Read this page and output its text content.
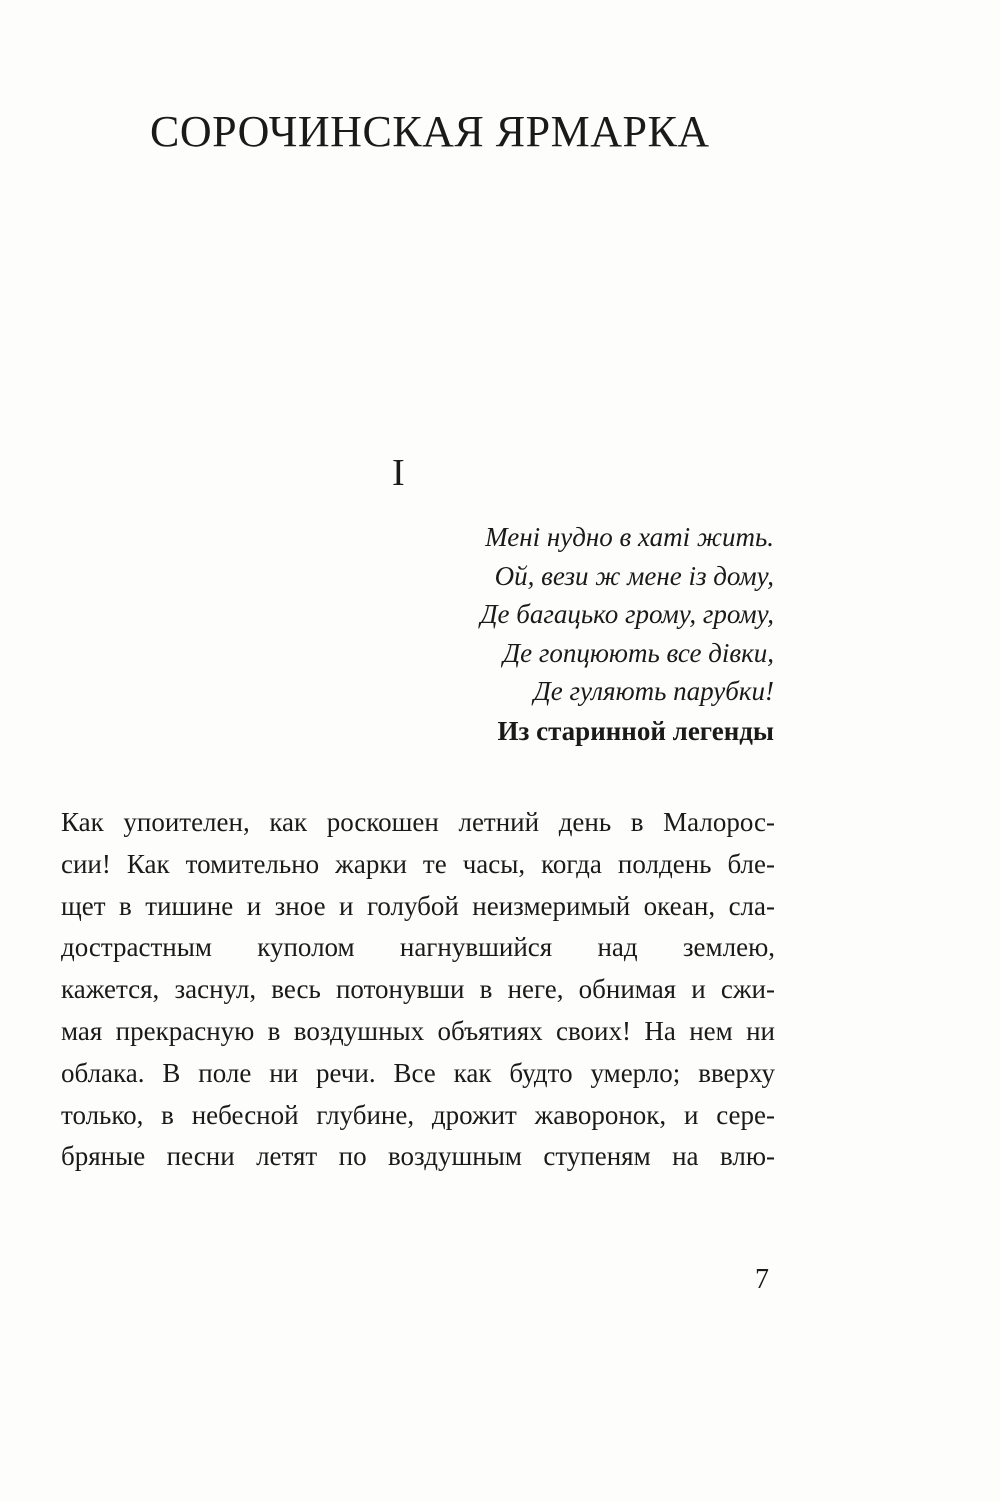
СОРОЧИНСКАЯ ЯРМАРКА
I
Мені нудно в хаті жить.
Ой, вези ж мене із дому,
Де багацько грому, грому,
Де гопцюють все дівки,
Де гуляють парубки!
Из старинной легенды
Как упоителен, как роскошен летний день в Малорос-
сии! Как томительно жарки те часы, когда полдень бле-
щет в тишине и зное и голубой неизмеримый океан, сла-
дострастным куполом нагнувшийся над землею,
кажется, заснул, весь потонувши в неге, обнимая и сжи-
мая прекрасную в воздушных объятиях своих! На нем ни
облака. В поле ни речи. Все как будто умерло; вверху
только, в небесной глубине, дрожит жаворонок, и сере-
бряные песни летят по воздушным ступеням на влю-
7
